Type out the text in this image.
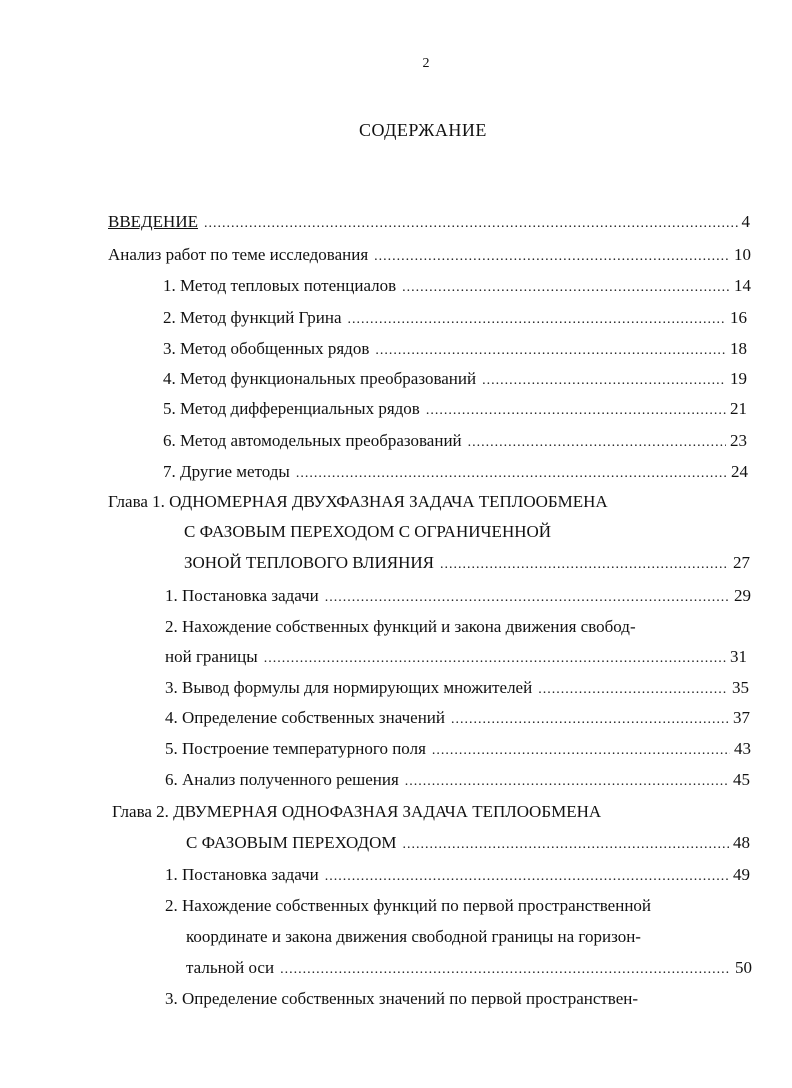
2
СОДЕРЖАНИЕ
ВВЕДЕНИЕ .....	4
Анализ работ по теме исследования .....	10
1. Метод тепловых потенциалов .....	14
2. Метод функций Грина .....	16
3. Метод обобщенных рядов .....	18
4. Метод функциональных преобразований .....	19
5. Метод дифференциальных рядов .....	21
6. Метод автомодельных преобразований .....	23
7. Другие методы .....	24
Глава 1. ОДНОМЕРНАЯ ДВУХФАЗНАЯ ЗАДАЧА ТЕПЛООБМЕНА
С ФАЗОВЫМ ПЕРЕХОДОМ С ОГРАНИЧЕННОЙ
ЗОНОЙ ТЕПЛОВОГО ВЛИЯНИЯ .....	27
1. Постановка задачи .....	29
2. Нахождение собственных функций и закона движения свобод-
ной границы .....	31
3. Вывод формулы для нормирующих множителей .....	35
4. Определение собственных значений .....	37
5. Построение температурного поля .....	43
6. Анализ полученного решения .....	45
Глава 2. ДВУМЕРНАЯ ОДНОФАЗНАЯ ЗАДАЧА ТЕПЛООБМЕНА
С ФАЗОВЫМ ПЕРЕХОДОМ .....	48
1. Постановка задачи .....	49
2. Нахождение собственных функций по первой пространственной
координате и закона движения свободной границы на горизон-
тальной оси .....	50
3. Определение собственных значений по первой пространствен-
